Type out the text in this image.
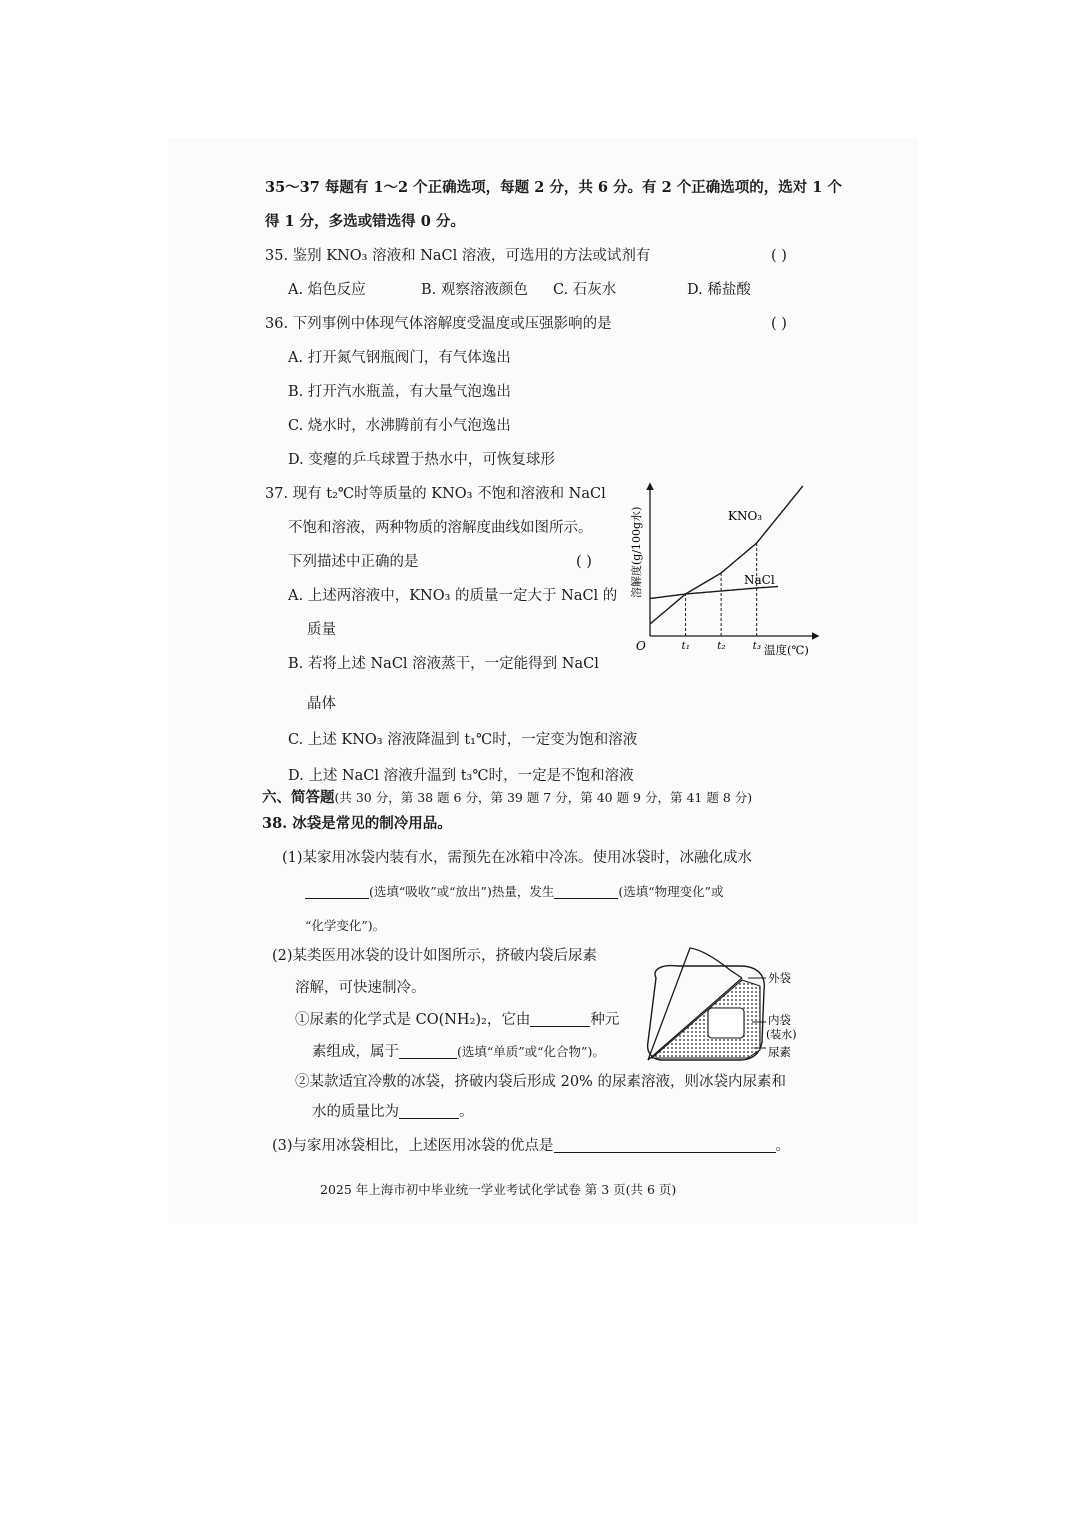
35～37 每题有 1～2 个正确选项，每题 2 分，共 6 分。有 2 个正确选项的，选对 1 个
得 1 分，多选或错选得 0 分。
35. 鉴别 KNO₃ 溶液和 NaCl 溶液，可选用的方法或试剂有	( )
A. 焰色反应	B. 观察溶液颜色 C. 石灰水	D. 稀盐酸
36. 下列事例中体现气体溶解度受温度或压强影响的是	( )
A. 打开氮气钢瓶阀门，有气体逸出
B. 打开汽水瓶盖，有大量气泡逸出
C. 烧水时，水沸腾前有小气泡逸出
D. 变瘪的乒乓球置于热水中，可恢复球形
37. 现有 t₂℃时等质量的 KNO₃ 不饱和溶液和 NaCl
不饱和溶液，两种物质的溶解度曲线如图所示。
下列描述中正确的是	( )
A. 上述两溶液中，KNO₃ 的质量一定大于 NaCl 的
质量
B. 若将上述 NaCl 溶液蒸干，一定能得到 NaCl
晶体
C. 上述 KNO₃ 溶液降温到 t₁℃时，一定变为饱和溶液
D. 上述 NaCl 溶液升温到 t₃℃时，一定是不饱和溶液
t₁	t₂	t₃
O
溶解度(g/100g水)
温度(℃)
KNO₃
NaCl
六、简答题(共 30 分，第 38 题 6 分，第 39 题 7 分，第 40 题 9 分，第 41 题 8 分)
38. 冰袋是常见的制冷用品。
(1)某家用冰袋内装有水，需预先在冰箱中冷冻。使用冰袋时，冰融化成水
(选填“吸收”或“放出”)热量，发生	(选填“物理变化”或
“化学变化”)。
(2)某类医用冰袋的设计如图所示，挤破内袋后尿素
溶解，可快速制冷。
①尿素的化学式是 CO(NH₂)₂，它由	种元
素组成，属于	(选填“单质”或“化合物”)。
②某款适宜冷敷的冰袋，挤破内袋后形成 20% 的尿素溶液，则冰袋内尿素和
水的质量比为	。
(3)与家用冰袋相比，上述医用冰袋的优点是	。
外袋
内袋
(装水)
尿素
2025 年上海市初中毕业统一学业考试化学试卷 第 3 页(共 6 页)
